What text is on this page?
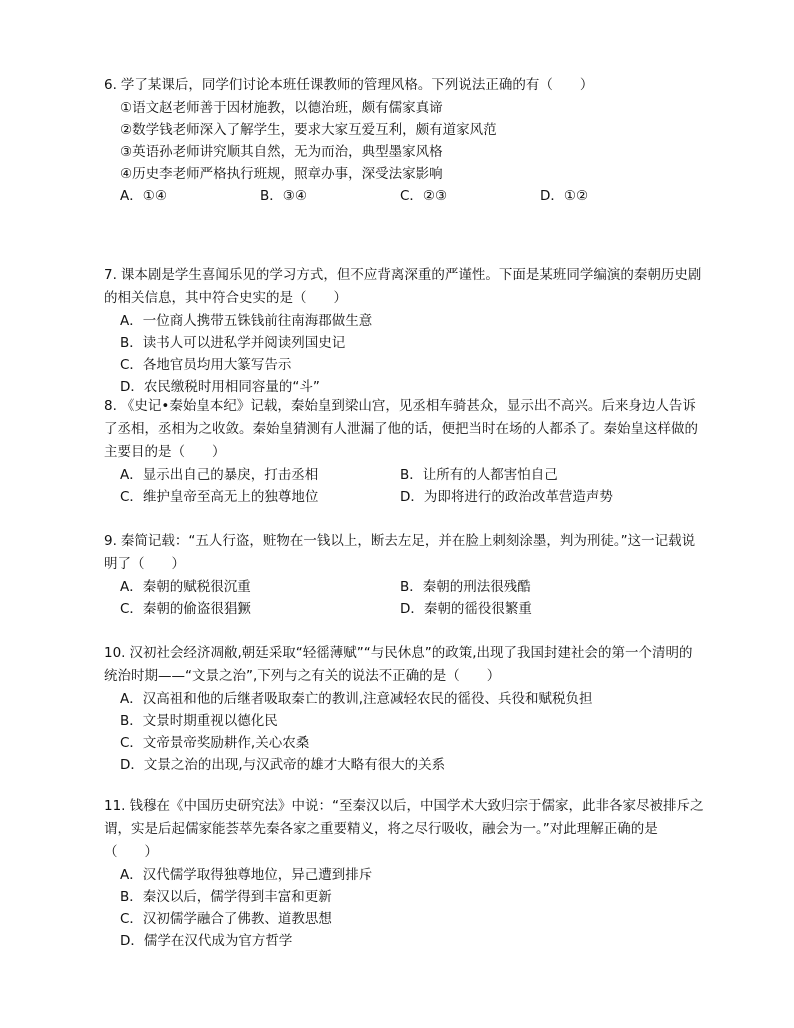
6. 学了某课后，同学们讨论本班任课教师的管理风格。下列说法正确的有（　　）

①语文赵老师善于因材施教，以德治班，颇有儒家真谛
②数学钱老师深入了解学生，要求大家互爱互利，颇有道家风范
③英语孙老师讲究顺其自然，无为而治，典型墨家风格
④历史李老师严格执行班规，照章办事，深受法家影响
A．①④	B．③④	C．②③	D．①②

7. 课本剧是学生喜闻乐见的学习方式，但不应背离深重的严谨性。下面是某班同学编演的秦朝历史剧的相关信息，其中符合史实的是（　　）

A．一位商人携带五铢钱前往南海郡做生意
B．读书人可以进私学并阅读列国史记
C．各地官员均用大篆写告示
D．农民缴税时用相同容量的“斗”

8. 《史记•秦始皇本纪》记载，秦始皇到梁山宫，见丞相车骑甚众，显示出不高兴。后来身边人告诉了丞相，丞相为之收敛。秦始皇猜测有人泄漏了他的话，便把当时在场的人都杀了。秦始皇这样做的主要目的是（　　）

A．显示出自己的暴戾，打击丞相	B．让所有的人都害怕自己
C．维护皇帝至高无上的独尊地位	D．为即将进行的政治改革营造声势

9. 秦简记载：“五人行盗，赃物在一钱以上，断去左足，并在脸上刺刻涂墨，判为刑徒。”这一记载说明了（　　）

A．秦朝的赋税很沉重	B．秦朝的刑法很残酷
C．秦朝的偷盗很猖獗	D．秦朝的徭役很繁重

10. 汉初社会经济凋敝,朝廷采取“轻徭薄赋”“与民休息”的政策,出现了我国封建社会的第一个清明的统治时期——“文景之治”,下列与之有关的说法不正确的是（　　）

A．汉高祖和他的后继者吸取秦亡的教训,注意减轻农民的徭役、兵役和赋税负担
B．文景时期重视以德化民
C．文帝景帝奖励耕作,关心农桑
D．文景之治的出现,与汉武帝的雄才大略有很大的关系

11. 钱穆在《中国历史研究法》中说：“至秦汉以后，中国学术大致归宗于儒家，此非各家尽被排斥之谓，实是后起儒家能荟萃先秦各家之重要精义，将之尽行吸收，融会为一。”对此理解正确的是（　　）

A．汉代儒学取得独尊地位，异己遭到排斥
B．秦汉以后，儒学得到丰富和更新
C．汉初儒学融合了佛教、道教思想
D．儒学在汉代成为官方哲学
